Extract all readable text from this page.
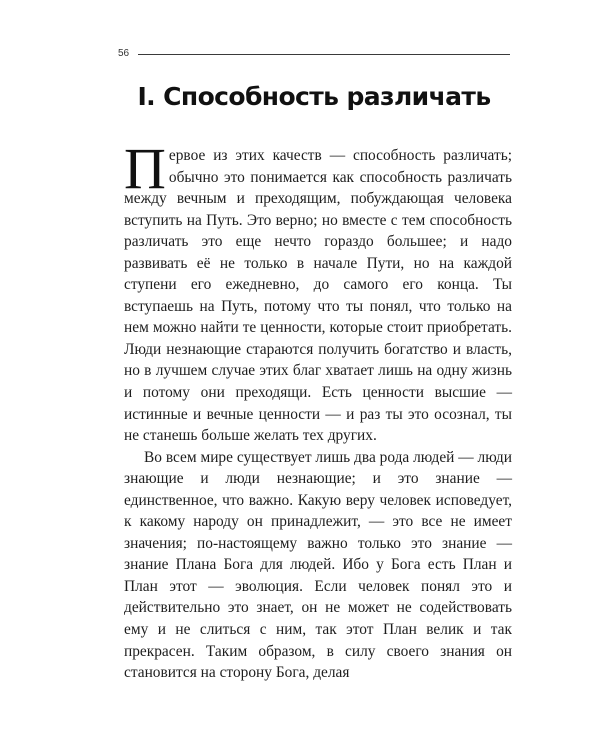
56
I. Способность различать

Первое из этих качеств — способность различать; обычно это понимается как способность различать между вечным и преходящим, побуждающая человека вступить на Путь. Это верно; но вместе с тем способность различать это еще нечто гораздо большее; и надо развивать её не только в начале Пути, но на каждой ступени его ежедневно, до самого его конца. Ты вступаешь на Путь, потому что ты понял, что только на нем можно найти те ценности, которые стоит приобретать. Люди незнающие стараются получить богатство и власть, но в лучшем случае этих благ хватает лишь на одну жизнь и потому они преходящи. Есть ценности высшие — истинные и вечные ценности — и раз ты это осознал, ты не станешь больше желать тех других.

Во всем мире существует лишь два рода людей — люди знающие и люди незнающие; и это знание — единственное, что важно. Какую веру человек исповедует, к какому народу он принадлежит, — это все не имеет значения; по-настоящему важно только это знание — знание Плана Бога для людей. Ибо у Бога есть План и План этот — эволюция. Если человек понял это и действительно это знает, он не может не содействовать ему и не слиться с ним, так этот План велик и так прекрасен. Таким образом, в силу своего знания он становится на сторону Бога, делая
